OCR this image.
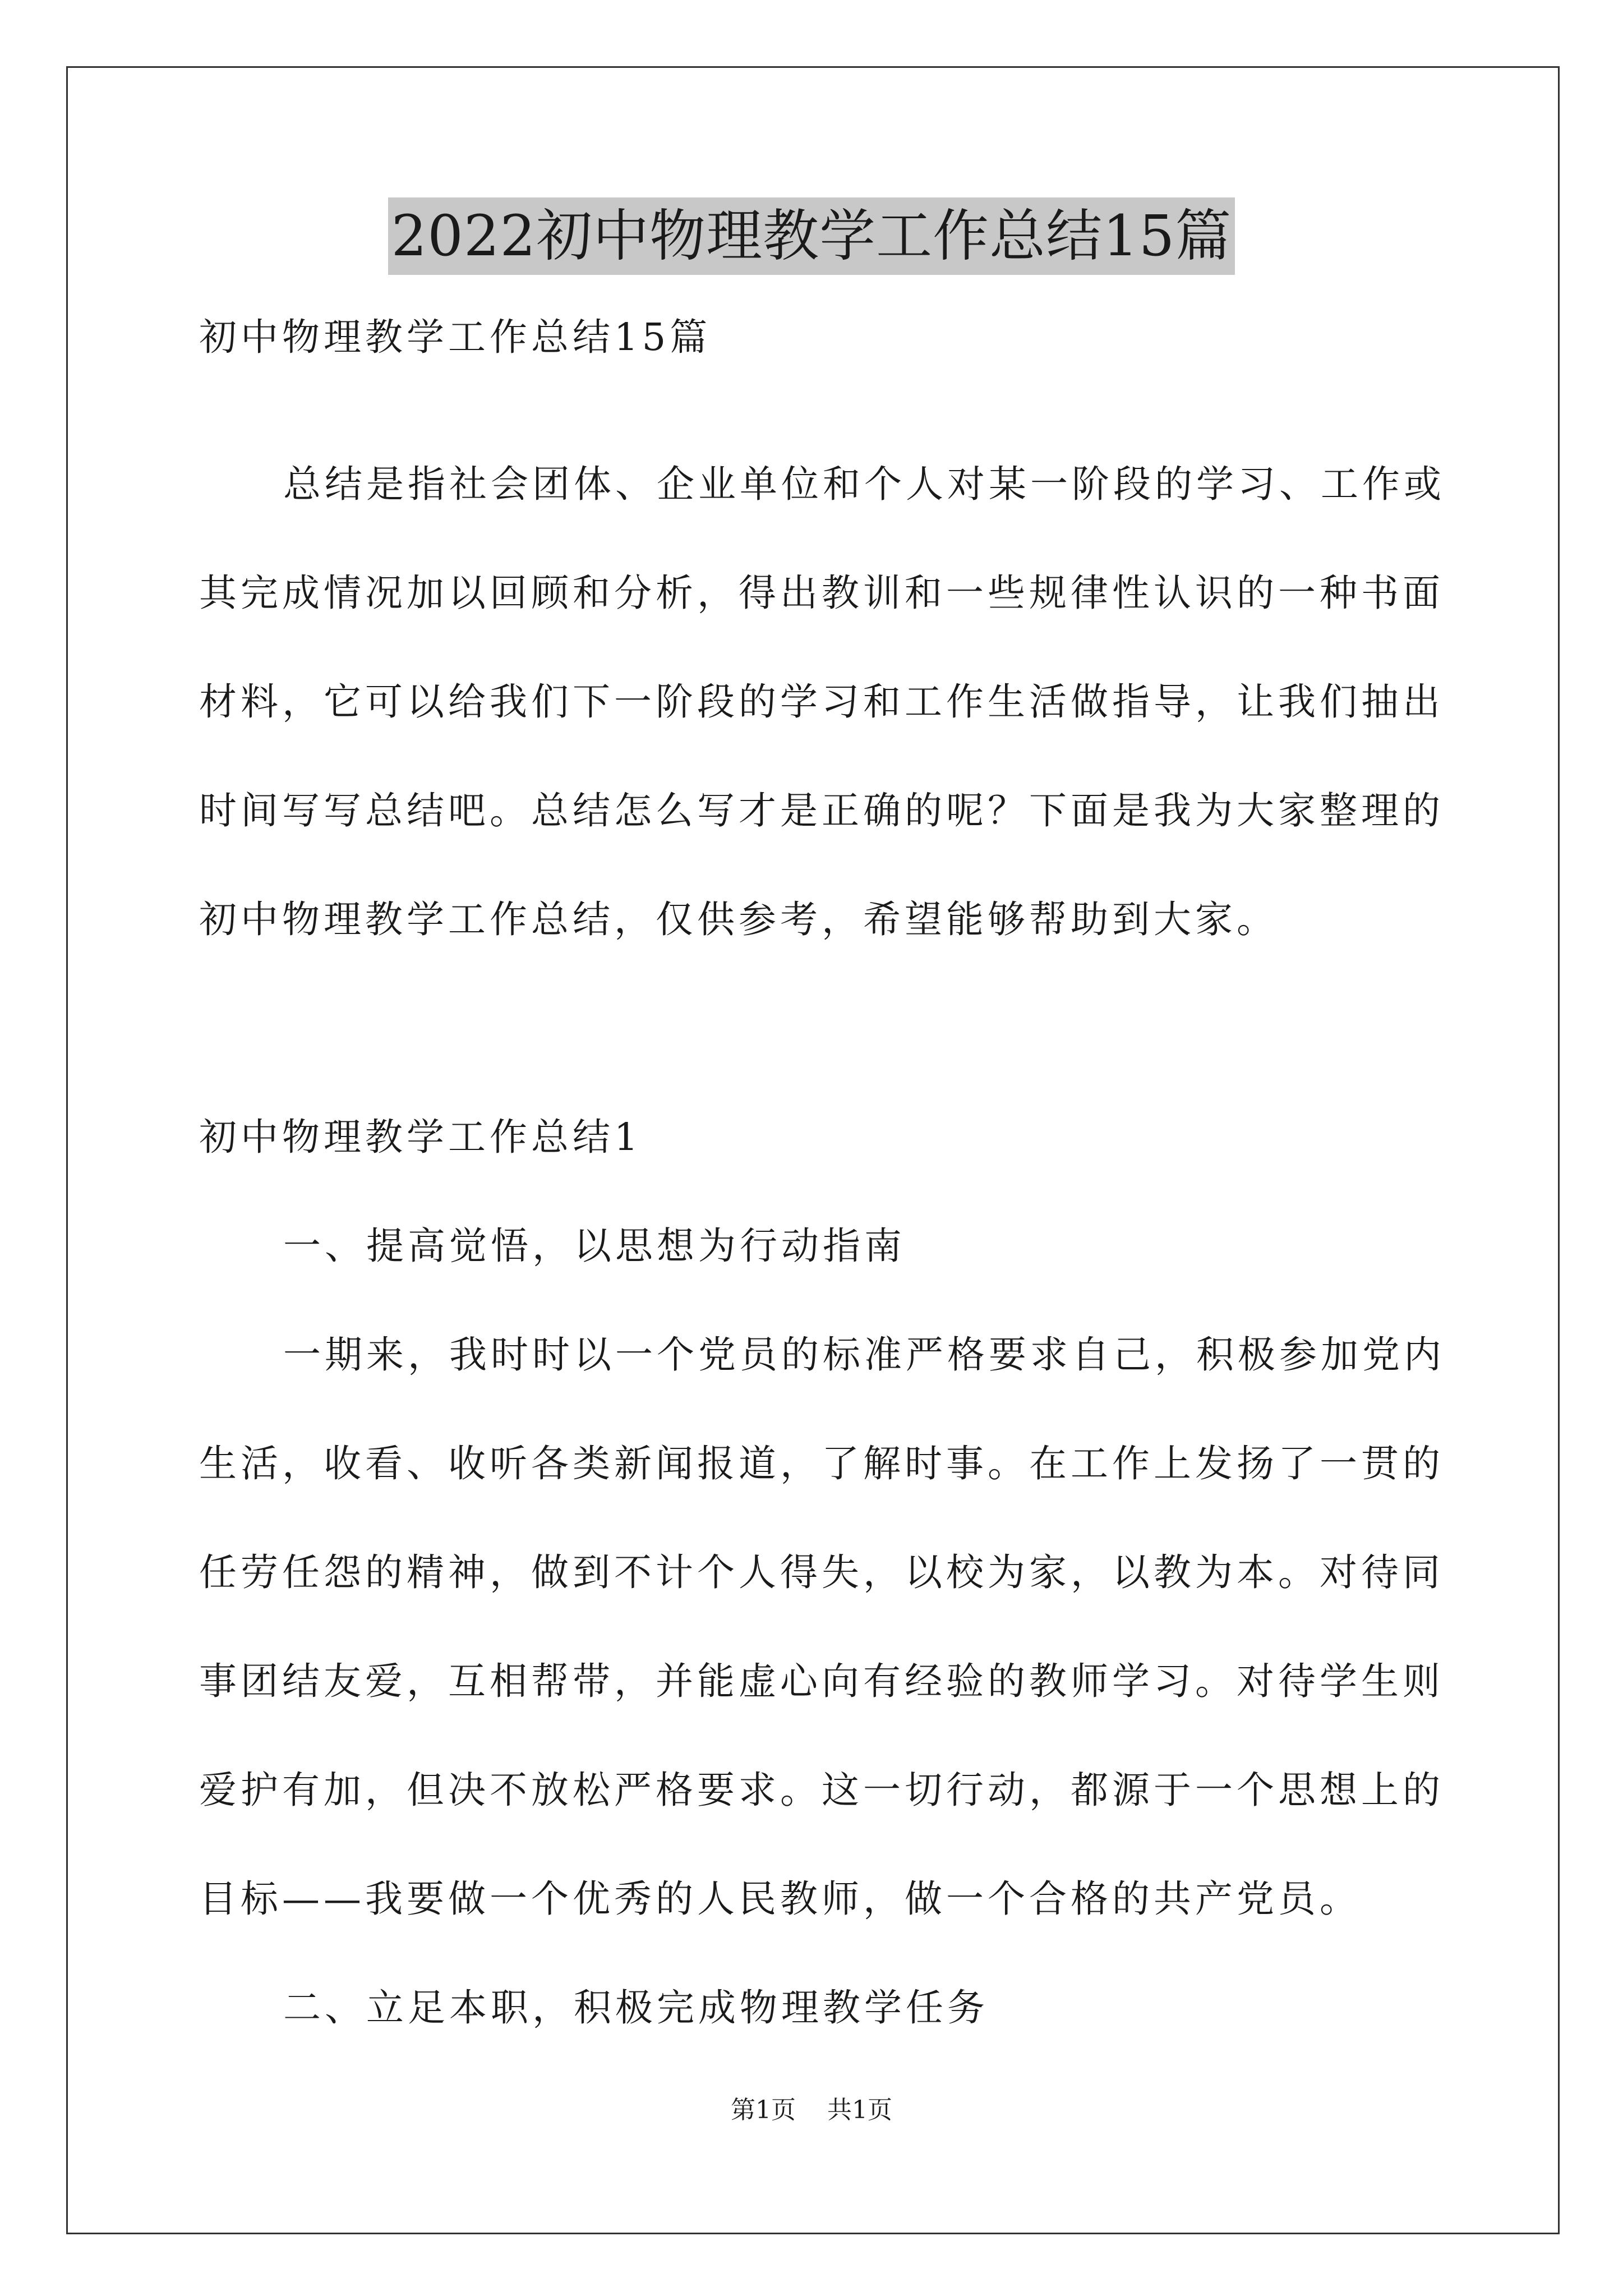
2022初中物理教学工作总结15篇
初中物理教学工作总结15篇
总结是指社会团体、企业单位和个人对某一阶段的学习、工作或
其完成情况加以回顾和分析，得出教训和一些规律性认识的一种书面
材料，它可以给我们下一阶段的学习和工作生活做指导，让我们抽出
时间写写总结吧。总结怎么写才是正确的呢？下面是我为大家整理的
初中物理教学工作总结，仅供参考，希望能够帮助到大家。
初中物理教学工作总结1
一、提高觉悟，以思想为行动指南
一期来，我时时以一个党员的标准严格要求自己，积极参加党内
生活，收看、收听各类新闻报道，了解时事。在工作上发扬了一贯的
任劳任怨的精神，做到不计个人得失，以校为家，以教为本。对待同
事团结友爱，互相帮带，并能虚心向有经验的教师学习。对待学生则
爱护有加，但决不放松严格要求。这一切行动，都源于一个思想上的
目标——我要做一个优秀的人民教师，做一个合格的共产党员。
二、立足本职，积极完成物理教学任务
第1页 共1页
